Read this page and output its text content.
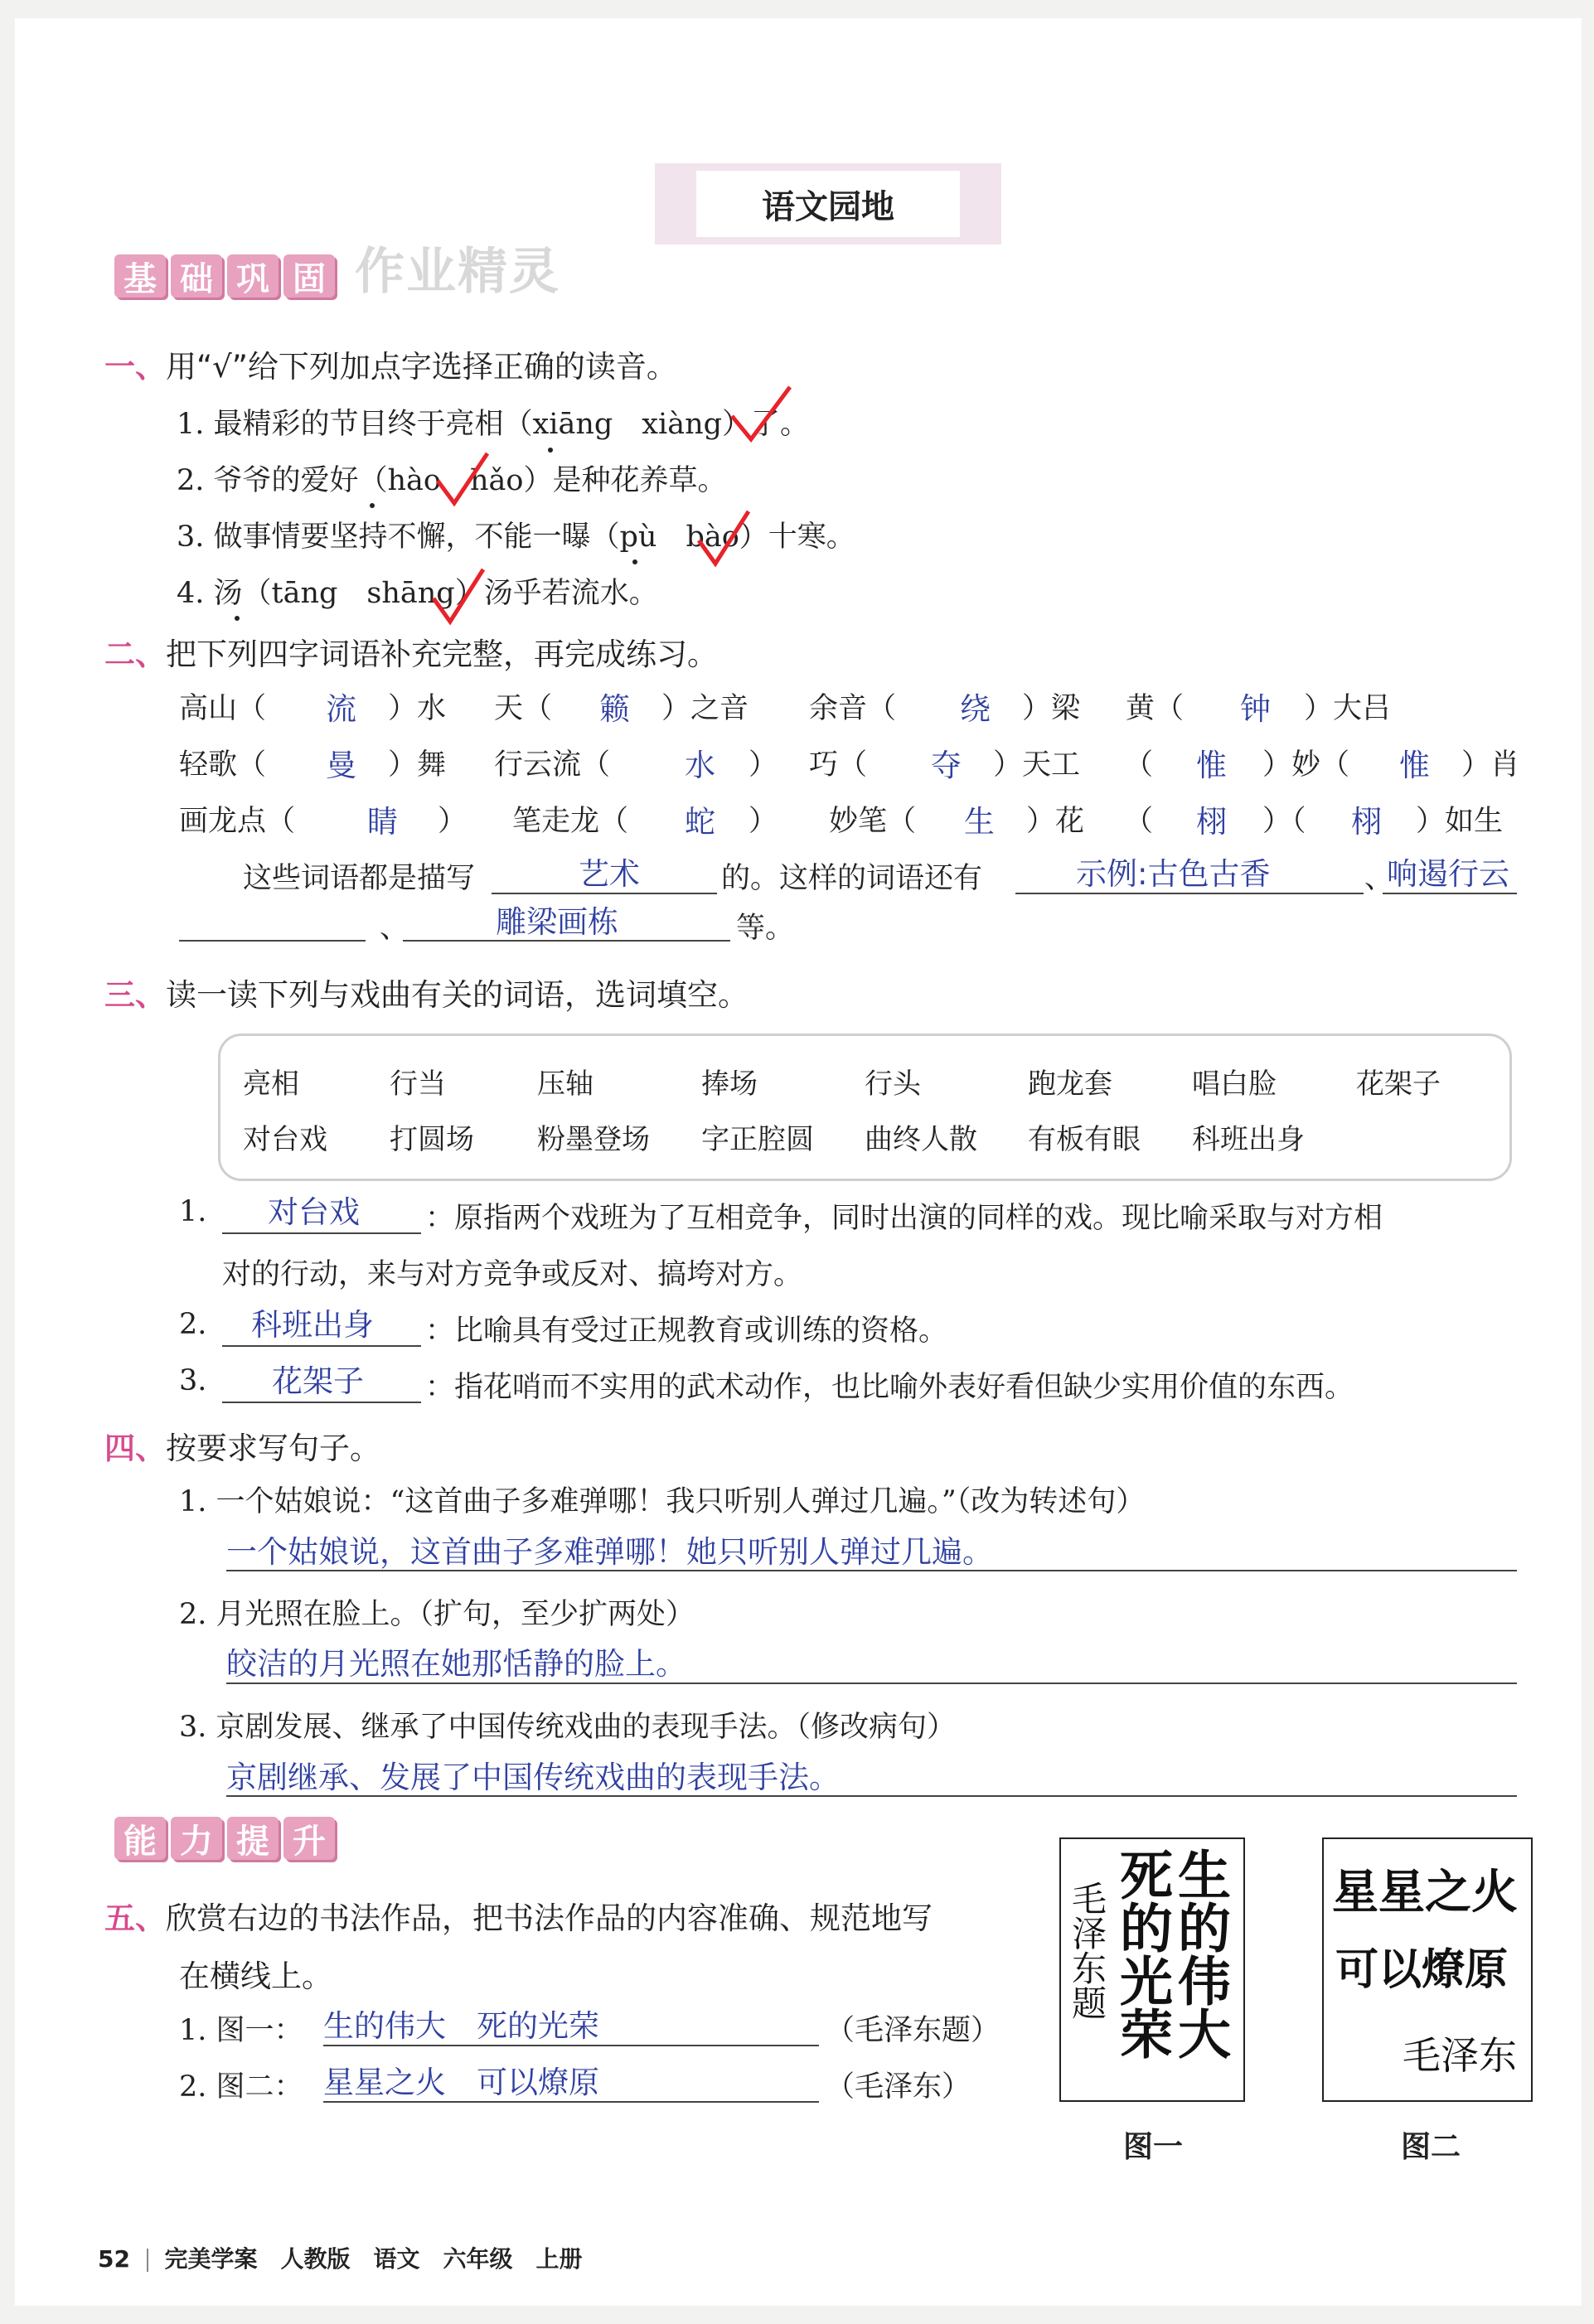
语文园地
基 础 巩 固 作业精灵
一、用“√”给下列加点字选择正确的读音。
1. 最精彩的节目终于亮相（xiāng　xiàng）了。
2. 爷爷的爱好（hào　hǎo）是种花养草。
3. 做事情要坚持不懈，不能一曝（pù　bào）十寒。
4. 汤（tāng　shāng）汤乎若流水。
二、把下列四字词语补充完整，再完成练习。
高山（ 流 ）水 天（ 籁 ）之音 余音（ 绕 ）梁 黄（ 钟 ）大吕
轻歌（ 曼 ）舞 行云流（ 水 ） 巧（ 夺 ）天工 （ 惟 ）妙（ 惟 ）肖
画龙点（ 睛 ） 笔走龙（ 蛇 ） 妙笔（ 生 ）花 （ 栩 ）（ 栩 ）如生
这些词语都是描写	艺术	的。这样的词语还有	示例:古色古香	、
响遏行云
、	雕梁画栋	等。
三、读一读下列与戏曲有关的词语，选词填空。
亮相	行当	压轴	捧场	行头	跑龙套	唱白脸	花架子
对台戏 打圆场 粉墨登场 字正腔圆 曲终人散 有板有眼 科班出身
1. 对台戏 ：原指两个戏班为了互相竞争，同时出演的同样的戏。现比喻采取与对方相
对的行动，来与对方竞争或反对、搞垮对方。
2. 科班出身 ：比喻具有受过正规教育或训练的资格。
3. 花架子 ：指花哨而不实用的武术动作，也比喻外表好看但缺少实用价值的东西。
四、按要求写句子。
1. 一个姑娘说：“这首曲子多难弹哪！我只听别人弹过几遍。”（改为转述句）
一个姑娘说，这首曲子多难弹哪！她只听别人弹过几遍。
2. 月光照在脸上。（扩句，至少扩两处）
皎洁的月光照在她那恬静的脸上。
3. 京剧发展、继承了中国传统戏曲的表现手法。（修改病句）
京剧继承、发展了中国传统戏曲的表现手法。
能 力 提 升
五、欣赏右边的书法作品，把书法作品的内容准确、规范地写
在横线上。
1. 图一： 生的伟大　死的光荣	（毛泽东题）
2. 图二： 星星之火　可以燎原	（毛泽东）
生的伟大
死的光荣
毛泽东题	星星之火
可以燎原
毛泽东
图一	图二
52 完美学案　人教版　语文　六年级　上册
